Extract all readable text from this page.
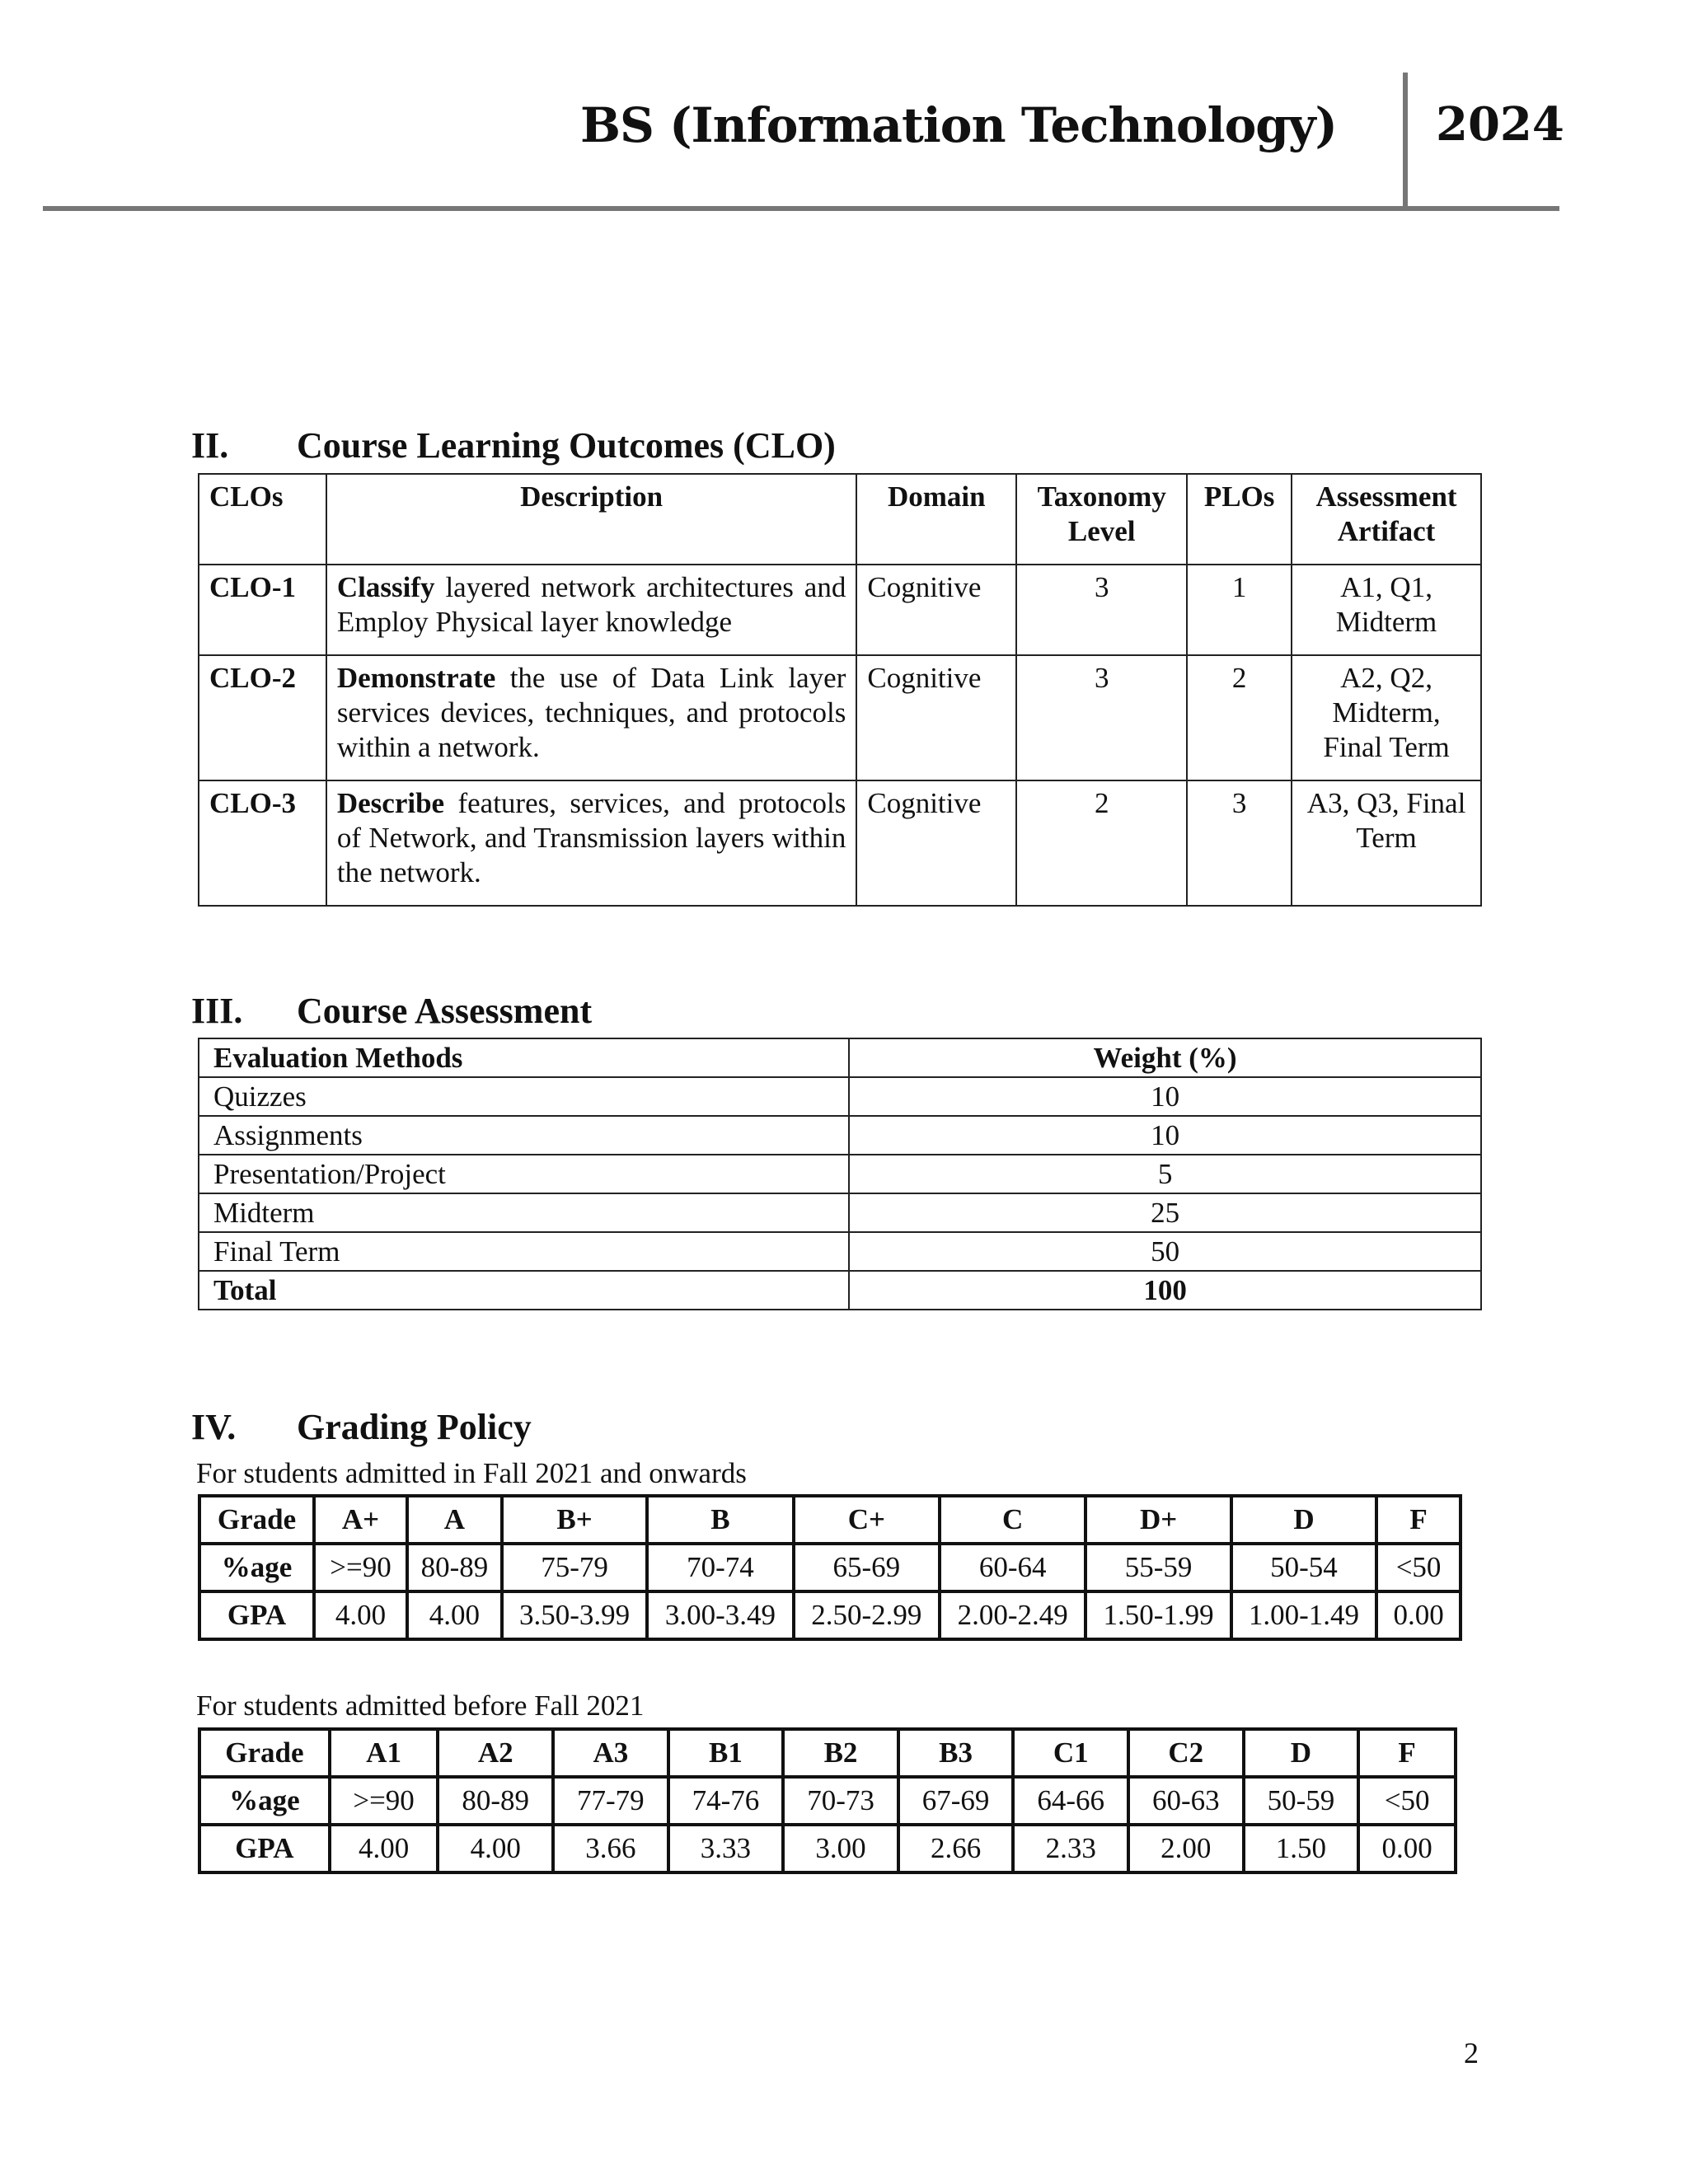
BS (Information Technology) 2024
II. Course Learning Outcomes (CLO)
CLOs	Description	Domain	Taxonomy Level	PLOs	Assessment Artifact
CLO-1	Classify layered network architectures and Employ Physical layer knowledge	Cognitive	3	1	A1, Q1, Midterm
CLO-2	Demonstrate the use of Data Link layer services devices, techniques, and protocols within a network.	Cognitive	3	2	A2, Q2, Midterm, Final Term
CLO-3	Describe features, services, and protocols of Network, and Transmission layers within the network.	Cognitive	2	3	A3, Q3, Final Term
III. Course Assessment
Evaluation Methods	Weight (%)
Quizzes	10
Assignments	10
Presentation/Project	5
Midterm	25
Final Term	50
Total	100
IV. Grading Policy
For students admitted in Fall 2021 and onwards
Grade	A+	A	B+	B	C+	C	D+	D	F
%age	>=90	80-89	75-79	70-74	65-69	60-64	55-59	50-54	<50
GPA	4.00	4.00	3.50-3.99	3.00-3.49	2.50-2.99	2.00-2.49	1.50-1.99	1.00-1.49	0.00
For students admitted before Fall 2021
Grade	A1	A2	A3	B1	B2	B3	C1	C2	D	F
%age	>=90	80-89	77-79	74-76	70-73	67-69	64-66	60-63	50-59	<50
GPA	4.00	4.00	3.66	3.33	3.00	2.66	2.33	2.00	1.50	0.00
2
